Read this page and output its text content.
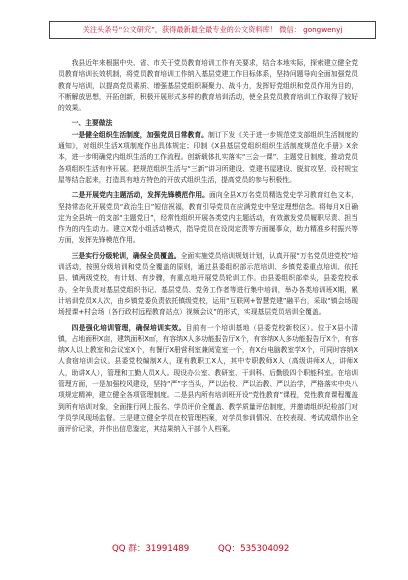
关注头条号“公文研究”，获得最新最全最专业的公文资料库！ 微信： gongwenyj

我县近年来根据中央、省、市关于党员教育培训工作有关要求，结合本地实际，探索建立健全党员教育培训长效机制，将党员教育培训工作纳入基层党建工作目标体系，坚持问题导向全面加强党员教育与培训，以提高党员素质、增强基层党组织凝聚力、战斗力，发挥好党组织和党员作用为目的，不断解放思想，开拓创新，积极开展形式多样的教育培训活动，使全县党员教育培训工作取得了较好的效果。

一、主要做法

一是健全组织生活制度，加强党员日常教育。制订下发《关于进一步规范党支部组织生活制度的通知》，对组织生活X项制度作出具体规定；印制《X县基层党组织组织生活制度规范化手册》X余本，进一步明确党内组织生活的工作流程。创新载体扎实落实“三会一课”、主题党日制度，推动党员各项组织生活有序开展。把规范组织生活与“三新”讲习所建设、党建书屋建设、脱贫攻坚、设村规宝屋等结合起来，打造具有地方特色的开放式组织生活，提高党员的参与积极性。

二是开展党内主题活动，发挥先锋模范作用。面向全县X万名党员精选党史学习教育红色文本，坚持常态化开展党员“政治生日”短信祝福，教育引导党员在应满党史中坚定理想信念。将每月X日确定为全县统一的支部“主题党日”，经常性组织开展各类党内主题活动，有效激发党员履职尽责、担当作为的内生动力。建立X党小组活动模式，指导党员在设岗定责等方面履事众，助力精准乡村振兴等方面，发挥先锋模范作用。

三是实行分级轮训，确保全员覆盖。全面实施党员培训规划计划，认真开展“万名党员进党校”培训活动，按照分级培训和党员全覆盖的原则，通过县委组织部示范培训、乡镇党委重点培训、依托县、镇两级党校，有计划、有步骤，有重点地开展党员轮训工作。由县委组织部牵头，县委党校承办，全年负责对基层党组织书记、基层党员、党务工作者等进行集中培训，举办各类培训班X期，累计培训党员X人次，由乡镇党委负责依托镇级党校，运用“互联网+智慧党建”融平台，采取“镇会场现场授课+村会场（各行政村远程教育站点）视频会议”的形式，实现基层党员培训全覆盖。

四是强化培训管理，确保培训实效。目前有一个培训基地（县委党校新校区）。位于X县小清镇，占地面积X亩，建筑面积X㎡，有容纳X人多功能报告厅X个，有容纳X人多功能报告厅X个，有容纳X人以上教室和会议室X个，有餐厅X册营利室兼阅览室一个，有X台电脑教室学X个，可同时容纳X人食宿培训会议。县委党校编制X人，现有教职工X人，其中专职教师X人（高级讲师X人，讲师X人，助讲X人），管理和工勤人员X人。现设办公室、教研室、干训科、后勤股四个职能科室。在培训管理方面，一是加强校风建设，坚持“严”字当头，严以治校、严以治教、严以治学，严格落实中央八项规定精神，建立健全各项管理制度。二是县内所有培训班开设“党性教育”课程，党性教育课程覆盖到所有培训对象，全面推行网上报名、学员评价全覆盖、教学质量评估制度，并邀请组织纪检部门对学员学风现场监督。三是建立健全学员在校管理档案，对学员参训情况、在校表现、考试成绩作出全面评价记录，并作出信息鉴定，其结果纳入干部个人档案。

QQ 群：31991489	QQ：535304092
